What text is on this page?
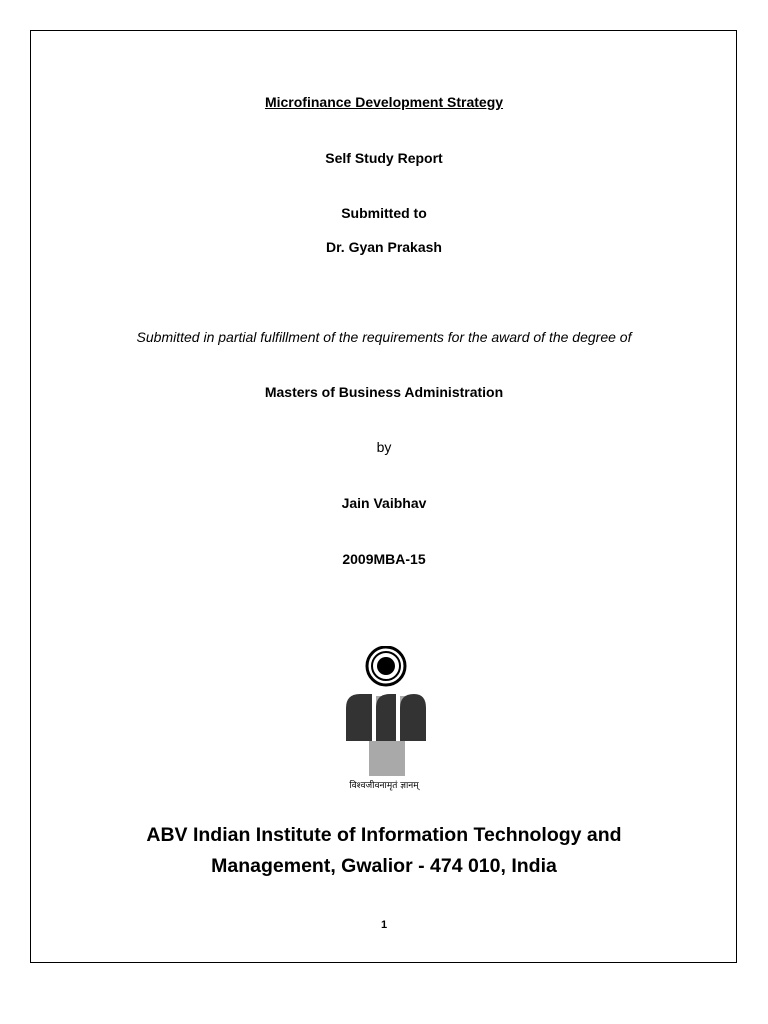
Microfinance Development Strategy
Self Study Report
Submitted to
Dr. Gyan Prakash
Submitted in partial fulfillment of the requirements for the award of the degree of
Masters of Business Administration
by
Jain Vaibhav
2009MBA-15
विश्वजीवनामृतं ज्ञानम्
ABV Indian Institute of Information Technology and
Management, Gwalior - 474 010, India
1
